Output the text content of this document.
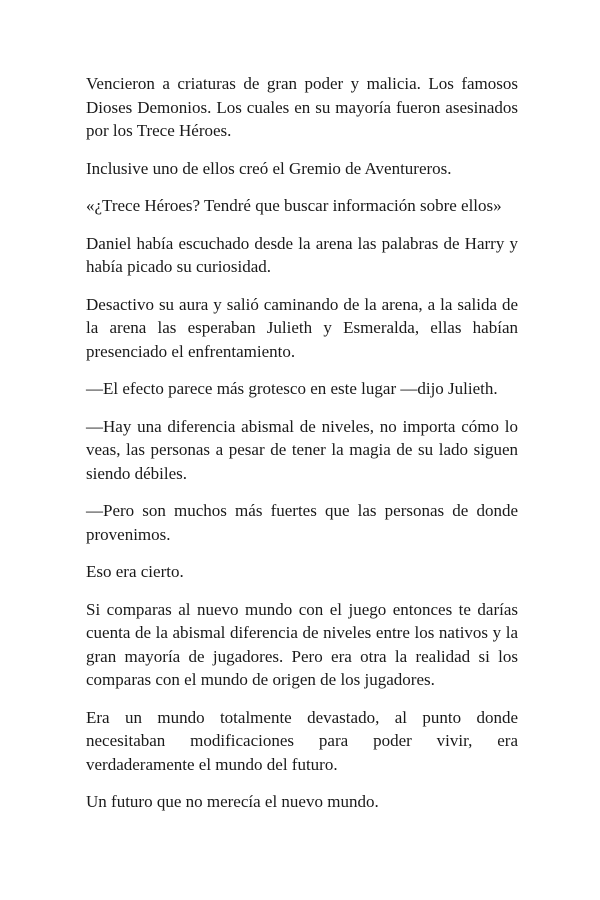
Vencieron a criaturas de gran poder y malicia. Los famosos Dioses Demonios. Los cuales en su mayoría fueron asesinados por los Trece Héroes.

Inclusive uno de ellos creó el Gremio de Aventureros.

«¿Trece Héroes? Tendré que buscar información sobre ellos»

Daniel había escuchado desde la arena las palabras de Harry y había picado su curiosidad.

Desactivo su aura y salió caminando de la arena, a la salida de la arena las esperaban Julieth y Esmeralda, ellas habían presenciado el enfrentamiento.

—El efecto parece más grotesco en este lugar —dijo Julieth.

—Hay una diferencia abismal de niveles, no importa cómo lo veas, las personas a pesar de tener la magia de su lado siguen siendo débiles.

—Pero son muchos más fuertes que las personas de donde provenimos.

Eso era cierto.

Si comparas al nuevo mundo con el juego entonces te darías cuenta de la abismal diferencia de niveles entre los nativos y la gran mayoría de jugadores. Pero era otra la realidad si los comparas con el mundo de origen de los jugadores.

Era un mundo totalmente devastado, al punto donde necesitaban modificaciones para poder vivir, era verdaderamente el mundo del futuro.

Un futuro que no merecía el nuevo mundo.
